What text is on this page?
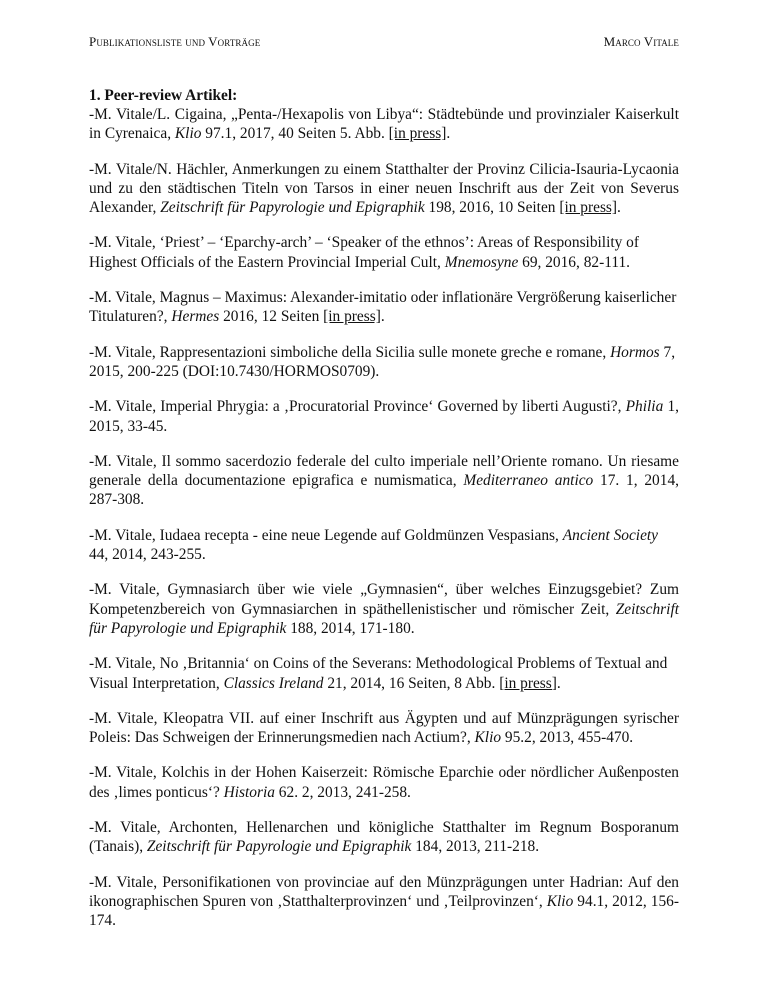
Publikationsliste und Vorträge	Marco Vitale

1. Peer-review Artikel:

-M. Vitale/L. Cigaina, „Penta-/Hexapolis von Libya“: Städtebünde und provinzialer Kaiserkult in Cyrenaica, Klio 97.1, 2017, 40 Seiten 5. Abb. [in press].

-M. Vitale/N. Hächler, Anmerkungen zu einem Statthalter der Provinz Cilicia-Isauria-Lycaonia und zu den städtischen Titeln von Tarsos in einer neuen Inschrift aus der Zeit von Severus Alexander, Zeitschrift für Papyrologie und Epigraphik 198, 2016, 10 Seiten [in press].

-M. Vitale, ‘Priest’ – ‘Eparchy-arch’ – ‘Speaker of the ethnos’: Areas of Responsibility of Highest Officials of the Eastern Provincial Imperial Cult, Mnemosyne 69, 2016, 82-111.

-M. Vitale, Magnus – Maximus: Alexander-imitatio oder inflationäre Vergrößerung kaiserlicher Titulaturen?, Hermes 2016, 12 Seiten [in press].

-M. Vitale, Rappresentazioni simboliche della Sicilia sulle monete greche e romane, Hormos 7, 2015, 200-225 (DOI:10.7430/HORMOS0709).

-M. Vitale, Imperial Phrygia: a ‚Procuratorial Province‘ Governed by liberti Augusti?, Philia 1, 2015, 33-45.

-M. Vitale, Il sommo sacerdozio federale del culto imperiale nell’Oriente romano. Un riesame generale della documentazione epigrafica e numismatica, Mediterraneo antico 17. 1, 2014, 287-308.

-M. Vitale, Iudaea recepta - eine neue Legende auf Goldmünzen Vespasians, Ancient Society 44, 2014, 243-255.

-M. Vitale, Gymnasiarch über wie viele „Gymnasien“, über welches Einzugsgebiet? Zum Kompetenzbereich von Gymnasiarchen in späthellenistischer und römischer Zeit, Zeitschrift für Papyrologie und Epigraphik 188, 2014, 171-180.

-M. Vitale, No ‚Britannia‘ on Coins of the Severans: Methodological Problems of Textual and Visual Interpretation, Classics Ireland 21, 2014, 16 Seiten, 8 Abb. [in press].

-M. Vitale, Kleopatra VII. auf einer Inschrift aus Ägypten und auf Münzprägungen syrischer Poleis: Das Schweigen der Erinnerungsmedien nach Actium?, Klio 95.2, 2013, 455-470.

-M. Vitale, Kolchis in der Hohen Kaiserzeit: Römische Eparchie oder nördlicher Außenposten des ‚limes ponticus‘? Historia 62. 2, 2013, 241-258.

-M. Vitale, Archonten, Hellenarchen und königliche Statthalter im Regnum Bosporanum (Tanais), Zeitschrift für Papyrologie und Epigraphik 184, 2013, 211-218.

-M. Vitale, Personifikationen von provinciae auf den Münzprägungen unter Hadrian: Auf den ikonographischen Spuren von ‚Statthalterprovinzen‘ und ‚Teilprovinzen‘, Klio 94.1, 2012, 156-174.
